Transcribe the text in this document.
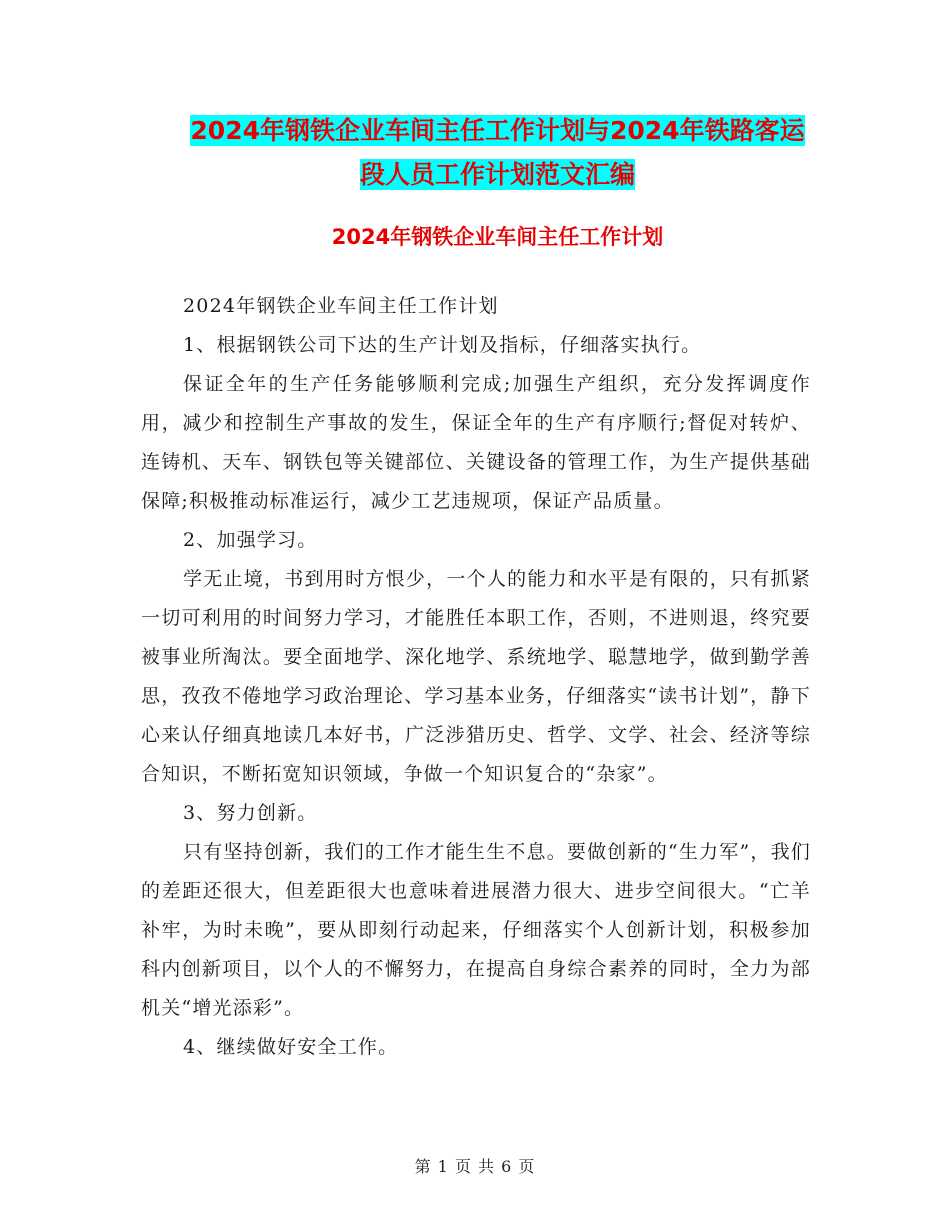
2024年钢铁企业车间主任工作计划与2024年铁路客运
段人员工作计划范文汇编
2024年钢铁企业车间主任工作计划

2024年钢铁企业车间主任工作计划

1、根据钢铁公司下达的生产计划及指标，仔细落实执行。

保证全年的生产任务能够顺利完成;加强生产组织，充分发挥调度作用，减少和控制生产事故的发生，保证全年的生产有序顺行;督促对转炉、连铸机、天车、钢铁包等关键部位、关键设备的管理工作，为生产提供基础保障;积极推动标准运行，减少工艺违规项，保证产品质量。

2、加强学习。

学无止境，书到用时方恨少，一个人的能力和水平是有限的，只有抓紧一切可利用的时间努力学习，才能胜任本职工作，否则，不进则退，终究要被事业所淘汰。要全面地学、深化地学、系统地学、聪慧地学，做到勤学善思，孜孜不倦地学习政治理论、学习基本业务，仔细落实“读书计划”，静下心来认仔细真地读几本好书，广泛涉猎历史、哲学、文学、社会、经济等综合知识，不断拓宽知识领域，争做一个知识复合的“杂家”。

3、努力创新。

只有坚持创新，我们的工作才能生生不息。要做创新的“生力军”，我们的差距还很大，但差距很大也意味着进展潜力很大、进步空间很大。“亡羊补牢，为时未晚”，要从即刻行动起来，仔细落实个人创新计划，积极参加科内创新项目，以个人的不懈努力，在提高自身综合素养的同时，全力为部机关“增光添彩”。

4、继续做好安全工作。

第 1 页 共 6 页
